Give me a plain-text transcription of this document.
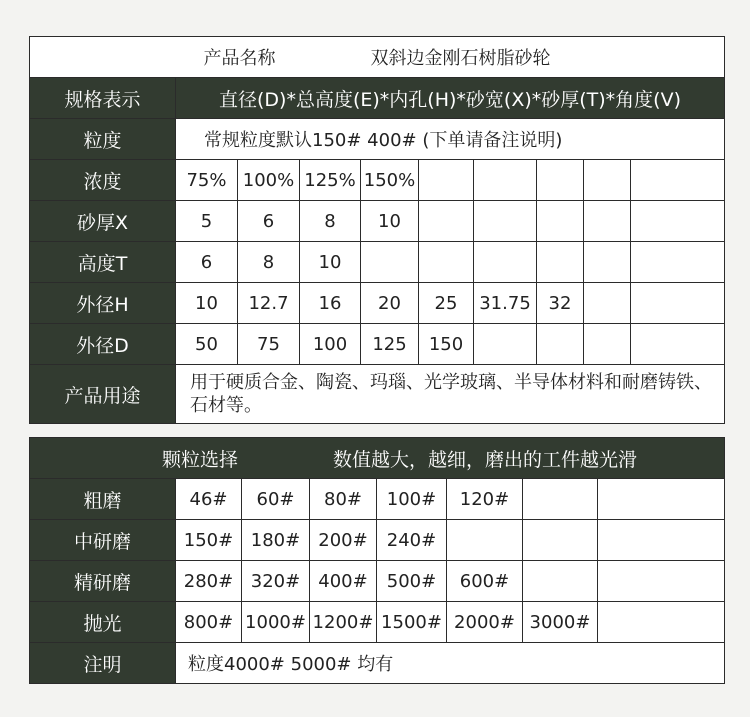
产品名称 双斜边金刚石树脂砂轮									
规格表示	直径(D)*总高度(E)*内孔(H)*砂宽(X)*砂厚(T)*角度(V)								
粒度	常规粒度默认150# 400# (下单请备注说明)								
浓度	75%	100%	125%	150%					
砂厚X	5	6	8	10					
高度T	6	8	10						
外径H	10	12.7	16	20	25	31.75	32		
外径D	50	75	100	125	150				
产品用途	用于硬质合金、陶瓷、玛瑙、光学玻璃、半导体材料和耐磨铸铁、石材等。								
颗粒选择 数值越大，越细，磨出的工件越光滑							
粗磨	46#	60#	80#	100#	120#		
中研磨	150#	180#	200#	240#			
精研磨	280#	320#	400#	500#	600#		
抛光	800#	1000#	1200#	1500#	2000#	3000#	
注明	粒度4000# 5000# 均有						
